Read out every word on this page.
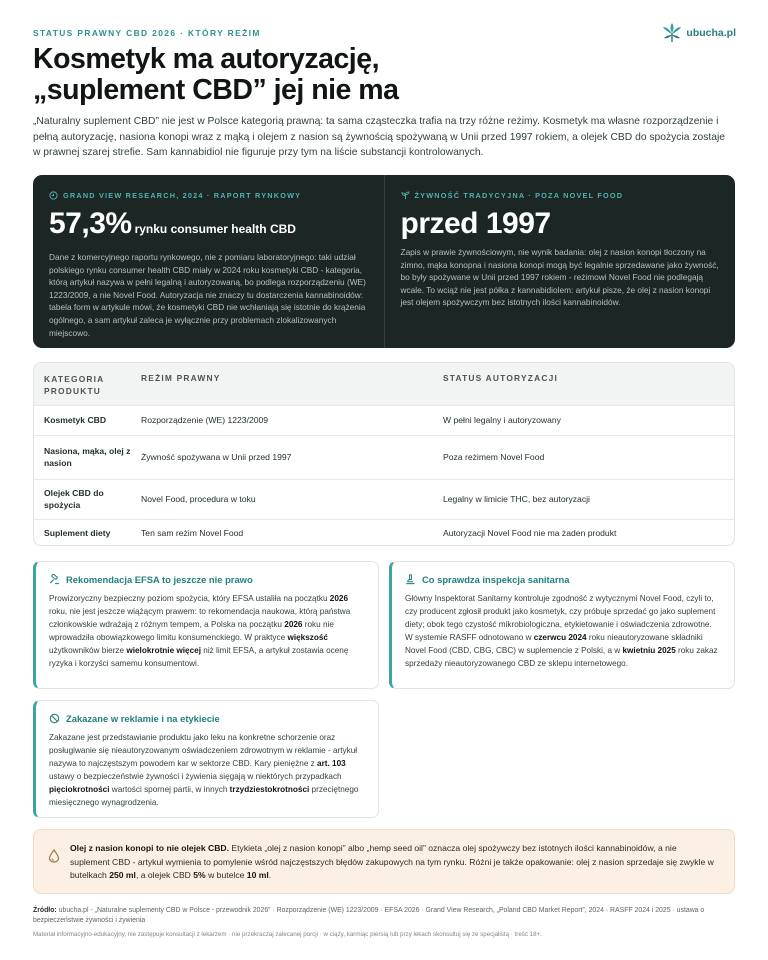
STATUS PRAWNY CBD 2026 · KTÓRY REŻIM	ubucha.pl
Kosmetyk ma autoryzację,
„suplement CBD” jej nie ma

„Naturalny suplement CBD” nie jest w Polsce kategorią prawną: ta sama cząsteczka trafia na trzy różne reżimy. Kosmetyk ma własne rozporządzenie i pełną autoryzację, nasiona konopi wraz z mąką i olejem z nasion są żywnością spożywaną w Unii przed 1997 rokiem, a olejek CBD do spożycia zostaje w prawnej szarej strefie. Sam kannabidiol nie figuruje przy tym na liście substancji kontrolowanych.

GRAND VIEW RESEARCH, 2024 · RAPORT RYNKOWY
57,3% rynku consumer health CBD

Dane z komercyjnego raportu rynkowego, nie z pomiaru laboratoryjnego: taki udział polskiego rynku consumer health CBD miały w 2024 roku kosmetyki CBD - kategoria, którą artykuł nazywa w pełni legalną i autoryzowaną, bo podlega rozporządzeniu (WE) 1223/2009, a nie Novel Food. Autoryzacja nie znaczy tu dostarczenia kannabinoidów: tabela form w artykule mówi, że kosmetyki CBD nie wchłaniają się istotnie do krążenia ogólnego, a sam artykuł zaleca je wyłącznie przy problemach zlokalizowanych miejscowo.

ŻYWNOŚĆ TRADYCYJNA · POZA NOVEL FOOD
przed 1997

Zapis w prawie żywnościowym, nie wynik badania: olej z nasion konopi tłoczony na zimno, mąka konopna i nasiona konopi mogą być legalnie sprzedawane jako żywność, bo były spożywane w Unii przed 1997 rokiem - reżimowi Novel Food nie podlegają wcale. To wciąż nie jest półka z kannabidiolem: artykuł pisze, że olej z nasion konopi jest olejem spożywczym bez istotnych ilości kannabinoidów.

KATEGORIA PRODUKTU	REŻIM PRAWNY	STATUS AUTORYZACJI
Kosmetyk CBD	Rozporządzenie (WE) 1223/2009	W pełni legalny i autoryzowany
Nasiona, mąka, olej z nasion	Żywność spożywana w Unii przed 1997	Poza reżimem Novel Food
Olejek CBD do spożycia	Novel Food, procedura w toku	Legalny w limicie THC, bez autoryzacji
Suplement diety	Ten sam reżim Novel Food	Autoryzacji Novel Food nie ma żaden produkt
Rekomendacja EFSA to jeszcze nie prawo

Prowizoryczny bezpieczny poziom spożycia, który EFSA ustaliła na początku 2026 roku, nie jest jeszcze wiążącym prawem: to rekomendacja naukowa, którą państwa członkowskie wdrażają z różnym tempem, a Polska na początku 2026 roku nie wprowadziła obowiązkowego limitu konsumenckiego. W praktyce większość użytkowników bierze wielokrotnie więcej niż limit EFSA, a artykuł zostawia ocenę ryzyka i korzyści samemu konsumentowi.

Co sprawdza inspekcja sanitarna

Główny Inspektorat Sanitarny kontroluje zgodność z wytycznymi Novel Food, czyli to, czy producent zgłosił produkt jako kosmetyk, czy próbuje sprzedać go jako suplement diety; obok tego czystość mikrobiologiczna, etykietowanie i oświadczenia zdrowotne. W systemie RASFF odnotowano w czerwcu 2024 roku nieautoryzowane składniki Novel Food (CBD, CBG, CBC) w suplemencie z Polski, a w kwietniu 2025 roku zakaz sprzedaży nieautoryzowanego CBD ze sklepu internetowego.

Zakazane w reklamie i na etykiecie

Zakazane jest przedstawianie produktu jako leku na konkretne schorzenie oraz posługiwanie się nieautoryzowanym oświadczeniem zdrowotnym w reklamie - artykuł nazywa to najczęstszym powodem kar w sektorze CBD. Kary pieniężne z art. 103 ustawy o bezpieczeństwie żywności i żywienia sięgają w niektórych przypadkach pięciokrotności wartości spornej partii, w innych trzydziestokrotności przeciętnego miesięcznego wynagrodzenia.

Olej z nasion konopi to nie olejek CBD. Etykieta „olej z nasion konopi” albo „hemp seed oil” oznacza olej spożywczy bez istotnych ilości kannabinoidów, a nie suplement CBD - artykuł wymienia to pomylenie wśród najczęstszych błędów zakupowych na tym rynku. Różni je także opakowanie: olej z nasion sprzedaje się zwykle w butelkach 250 ml, a olejek CBD 5% w butelce 10 ml.

Źródło: ubucha.pl - „Naturalne suplementy CBD w Polsce - przewodnik 2026” · Rozporządzenie (WE) 1223/2009 · EFSA 2026 · Grand View Research, „Poland CBD Market Report”, 2024 · RASFF 2024 i 2025 · ustawa o bezpieczeństwie żywności i żywienia

Materiał informacyjno-edukacyjny, nie zastępuje konsultacji z lekarzem · nie przekraczaj zalecanej porcji · w ciąży, karmiąc piersią lub przy lekach skonsultuj się ze specjalistą · treść 18+.
